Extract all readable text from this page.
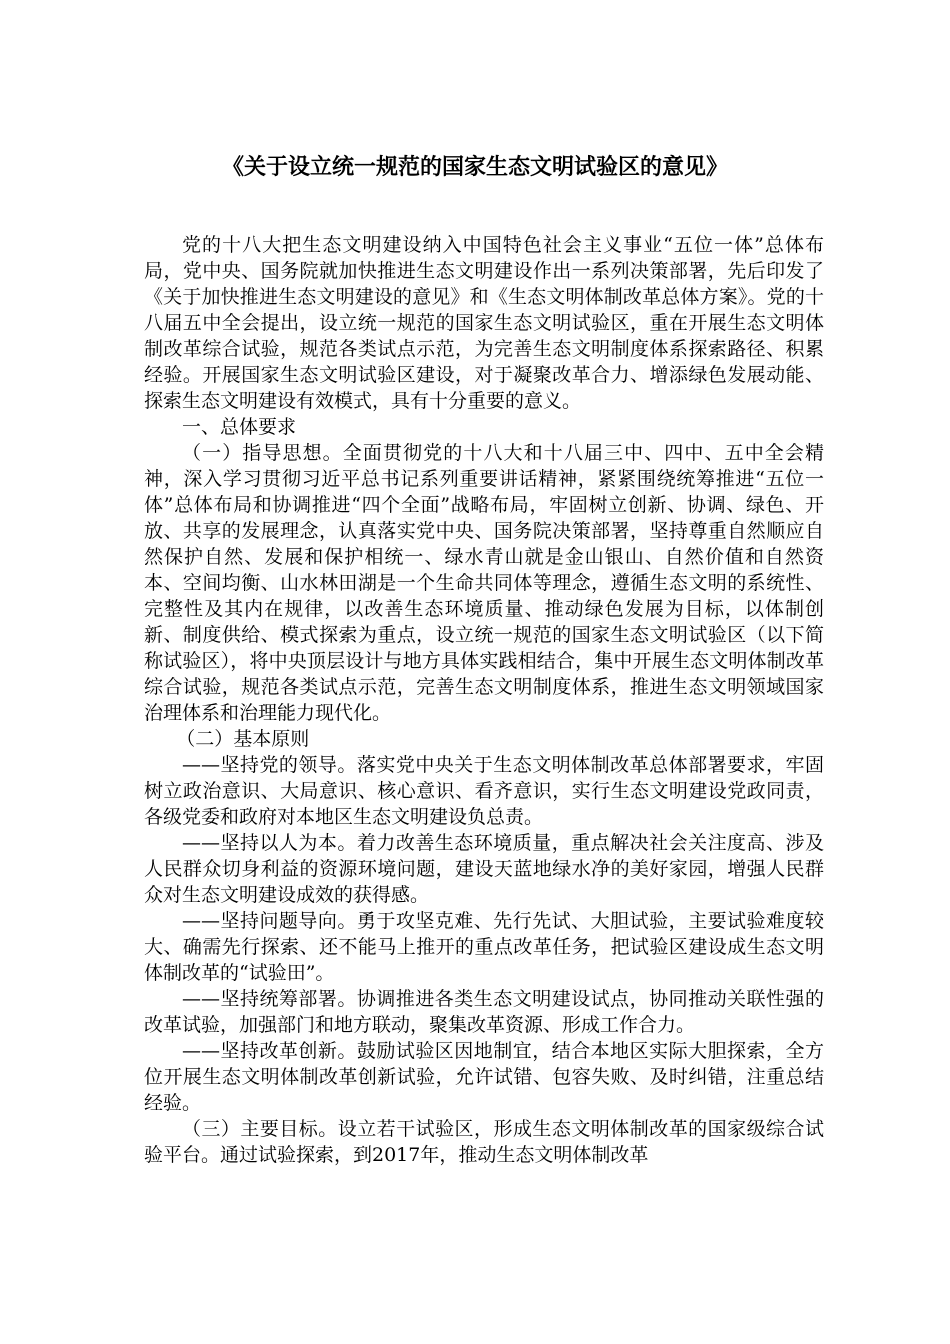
《关于设立统一规范的国家生态文明试验区的意见》

党的十八大把生态文明建设纳入中国特色社会主义事业“五位一体”总体布局，党中央、国务院就加快推进生态文明建设作出一系列决策部署，先后印发了《关于加快推进生态文明建设的意见》和《生态文明体制改革总体方案》。党的十八届五中全会提出，设立统一规范的国家生态文明试验区，重在开展生态文明体制改革综合试验，规范各类试点示范，为完善生态文明制度体系探索路径、积累经验。开展国家生态文明试验区建设，对于凝聚改革合力、增添绿色发展动能、探索生态文明建设有效模式，具有十分重要的意义。

一、总体要求

（一）指导思想。全面贯彻党的十八大和十八届三中、四中、五中全会精神，深入学习贯彻习近平总书记系列重要讲话精神，紧紧围绕统筹推进“五位一体”总体布局和协调推进“四个全面”战略布局，牢固树立创新、协调、绿色、开放、共享的发展理念，认真落实党中央、国务院决策部署，坚持尊重自然顺应自然保护自然、发展和保护相统一、绿水青山就是金山银山、自然价值和自然资本、空间均衡、山水林田湖是一个生命共同体等理念，遵循生态文明的系统性、完整性及其内在规律，以改善生态环境质量、推动绿色发展为目标，以体制创新、制度供给、模式探索为重点，设立统一规范的国家生态文明试验区（以下简称试验区），将中央顶层设计与地方具体实践相结合，集中开展生态文明体制改革综合试验，规范各类试点示范，完善生态文明制度体系，推进生态文明领域国家治理体系和治理能力现代化。

（二）基本原则

——坚持党的领导。落实党中央关于生态文明体制改革总体部署要求，牢固树立政治意识、大局意识、核心意识、看齐意识，实行生态文明建设党政同责，各级党委和政府对本地区生态文明建设负总责。

——坚持以人为本。着力改善生态环境质量，重点解决社会关注度高、涉及人民群众切身利益的资源环境问题，建设天蓝地绿水净的美好家园，增强人民群众对生态文明建设成效的获得感。

——坚持问题导向。勇于攻坚克难、先行先试、大胆试验，主要试验难度较大、确需先行探索、还不能马上推开的重点改革任务，把试验区建设成生态文明体制改革的“试验田”。

——坚持统筹部署。协调推进各类生态文明建设试点，协同推动关联性强的改革试验，加强部门和地方联动，聚集改革资源、形成工作合力。

——坚持改革创新。鼓励试验区因地制宜，结合本地区实际大胆探索，全方位开展生态文明体制改革创新试验，允许试错、包容失败、及时纠错，注重总结经验。

（三）主要目标。设立若干试验区，形成生态文明体制改革的国家级综合试验平台。通过试验探索，到2017年，推动生态文明体制改革
